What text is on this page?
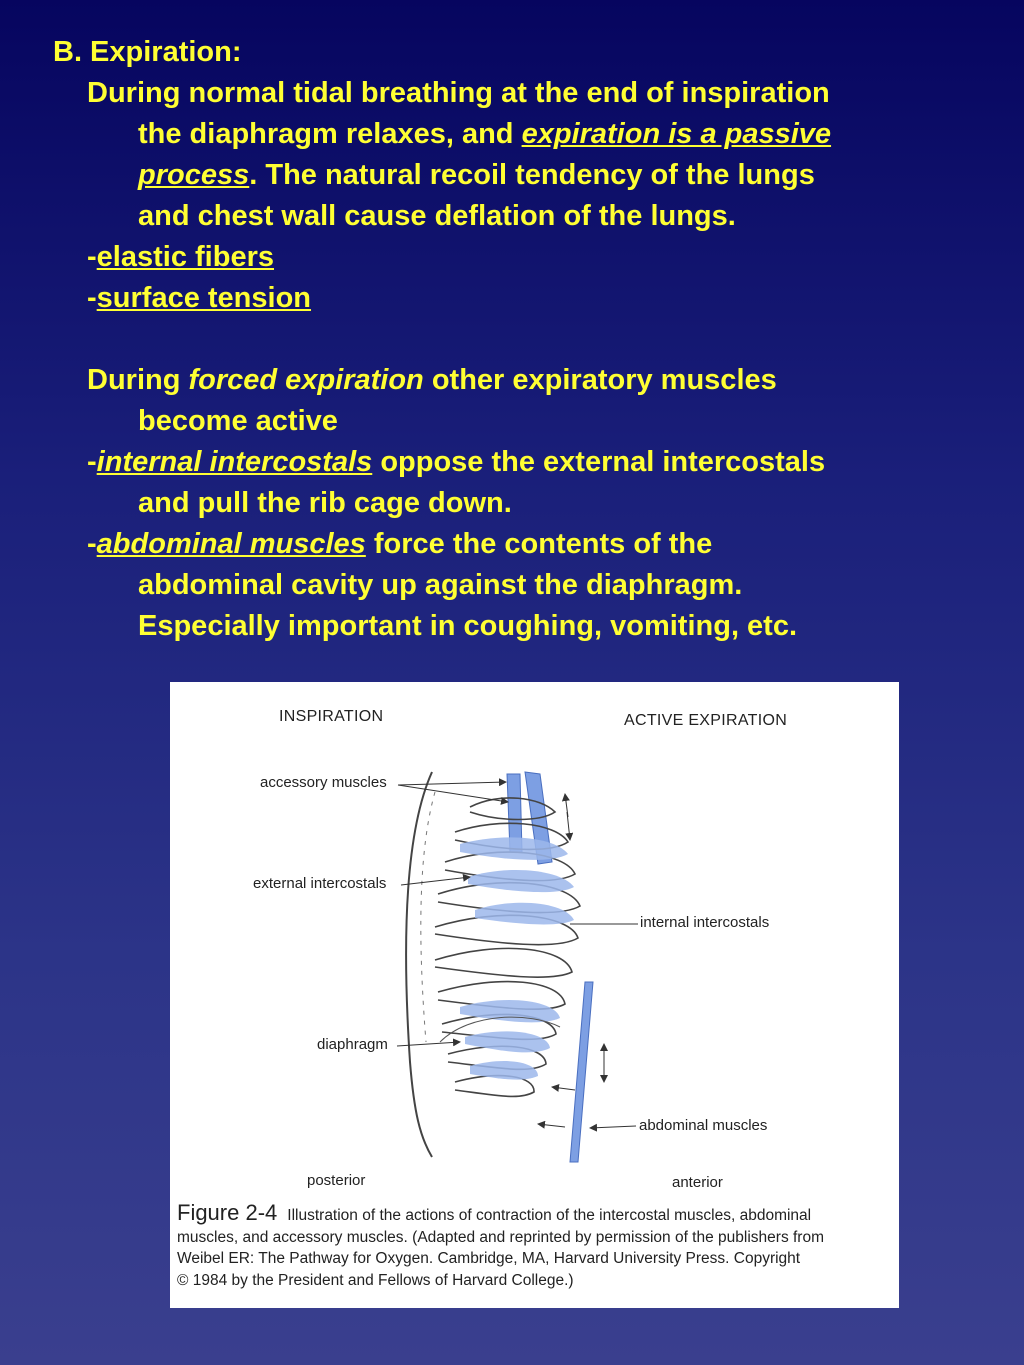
B. Expiration:
During normal tidal breathing at the end of inspiration
the diaphragm relaxes, and expiration is a passive
process. The natural recoil tendency of the lungs
and chest wall cause deflation of the lungs.
-elastic fibers
-surface tension
During forced expiration other expiratory muscles
become active
-internal intercostals oppose the external intercostals
and pull the rib cage down.
-abdominal muscles force the contents of the
abdominal cavity up against the diaphragm.
Especially important in coughing, vomiting, etc.
INSPIRATION	ACTIVE EXPIRATION
accessory muscles
external intercostals
internal intercostals
diaphragm
abdominal muscles
posterior	anterior
Figure 2-4 Illustration of the actions of contraction of the intercostal muscles, abdominal
muscles, and accessory muscles. (Adapted and reprinted by permission of the publishers from
Weibel ER: The Pathway for Oxygen. Cambridge, MA, Harvard University Press. Copyright
© 1984 by the President and Fellows of Harvard College.)
